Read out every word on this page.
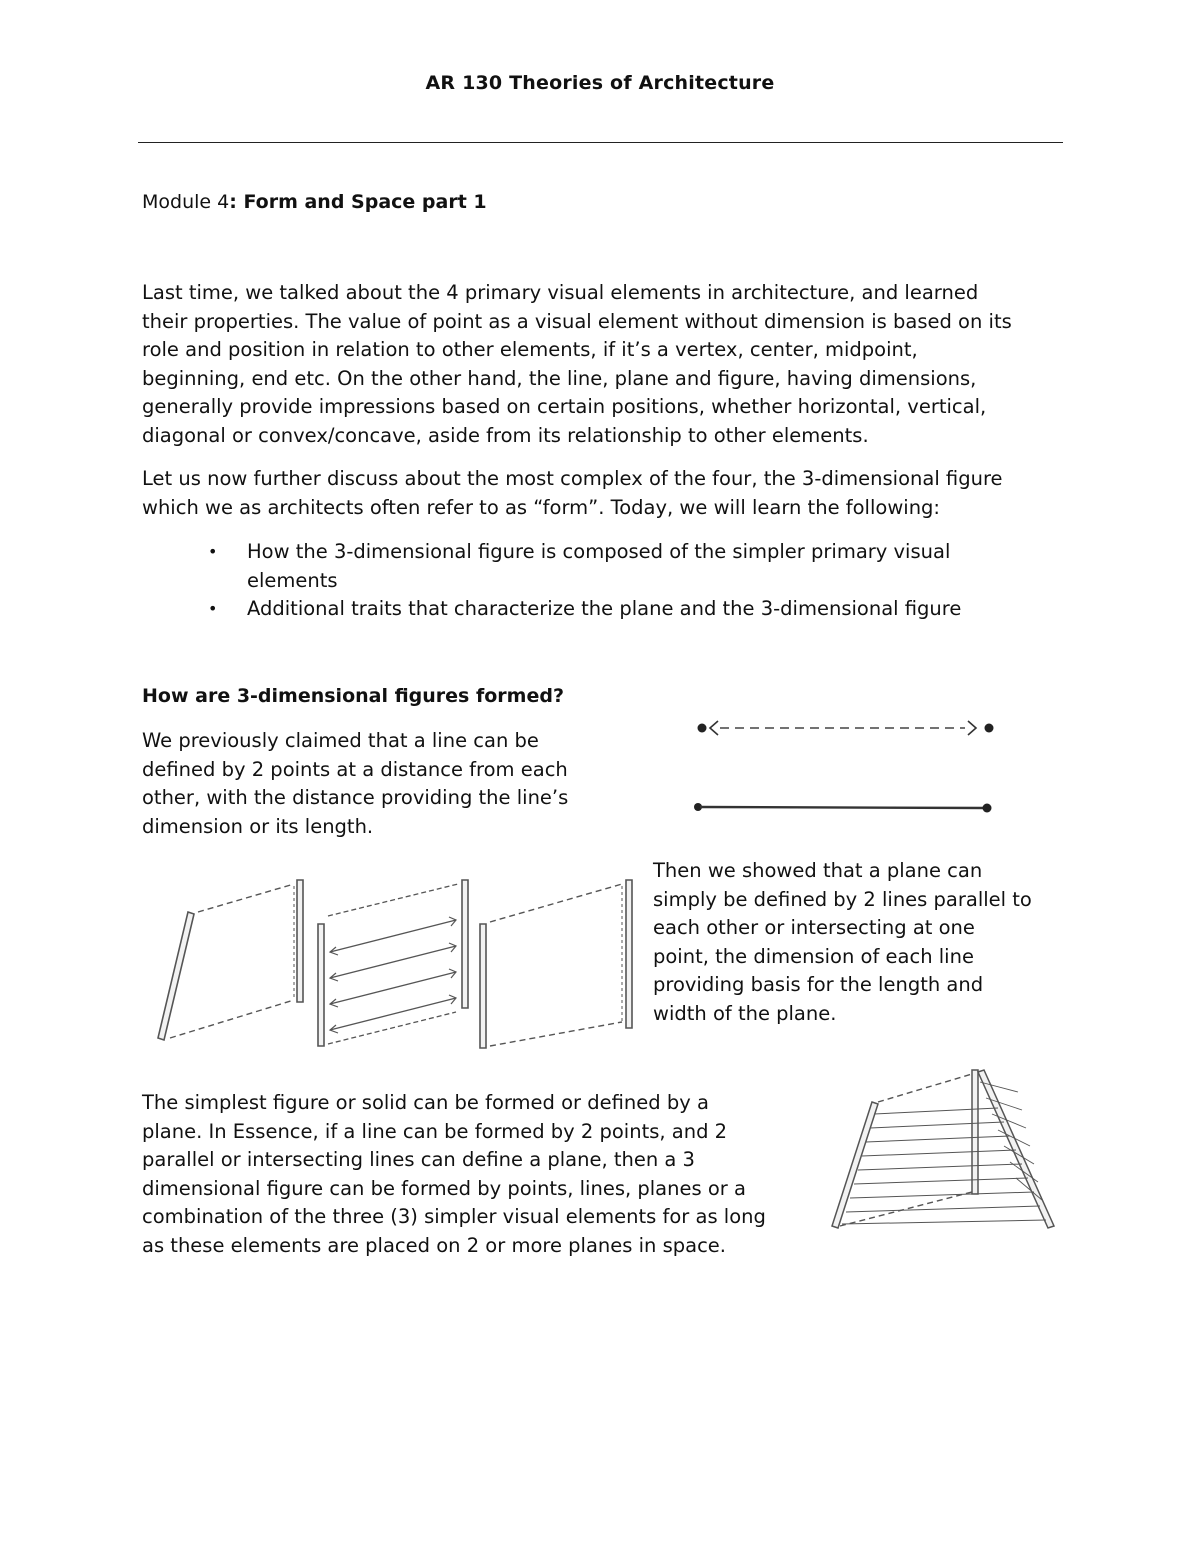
AR 130 Theories of Architecture
Module 4: Form and Space part 1

Last time, we talked about the 4 primary visual elements in architecture, and learned

their properties. The value of point as a visual element without dimension is based on its

role and position in relation to other elements, if it’s a vertex, center, midpoint,

beginning, end etc. On the other hand, the line, plane and figure, having dimensions,

generally provide impressions based on certain positions, whether horizontal, vertical,

diagonal or convex/concave, aside from its relationship to other elements.

Let us now further discuss about the most complex of the four, the 3-dimensional figure

which we as architects often refer to as “form”. Today, we will learn the following:

• How the 3-dimensional figure is composed of the simpler primary visual
elements
• Additional traits that characterize the plane and the 3-dimensional figure
How are 3-dimensional figures formed?

We previously claimed that a line can be

defined by 2 points at a distance from each

other, with the distance providing the line’s

dimension or its length.

Then we showed that a plane can

simply be defined by 2 lines parallel to

each other or intersecting at one

point, the dimension of each line

providing basis for the length and

width of the plane.

The simplest figure or solid can be formed or defined by a

plane. In Essence, if a line can be formed by 2 points, and 2

parallel or intersecting lines can define a plane, then a 3

dimensional figure can be formed by points, lines, planes or a

combination of the three (3) simpler visual elements for as long

as these elements are placed on 2 or more planes in space.
